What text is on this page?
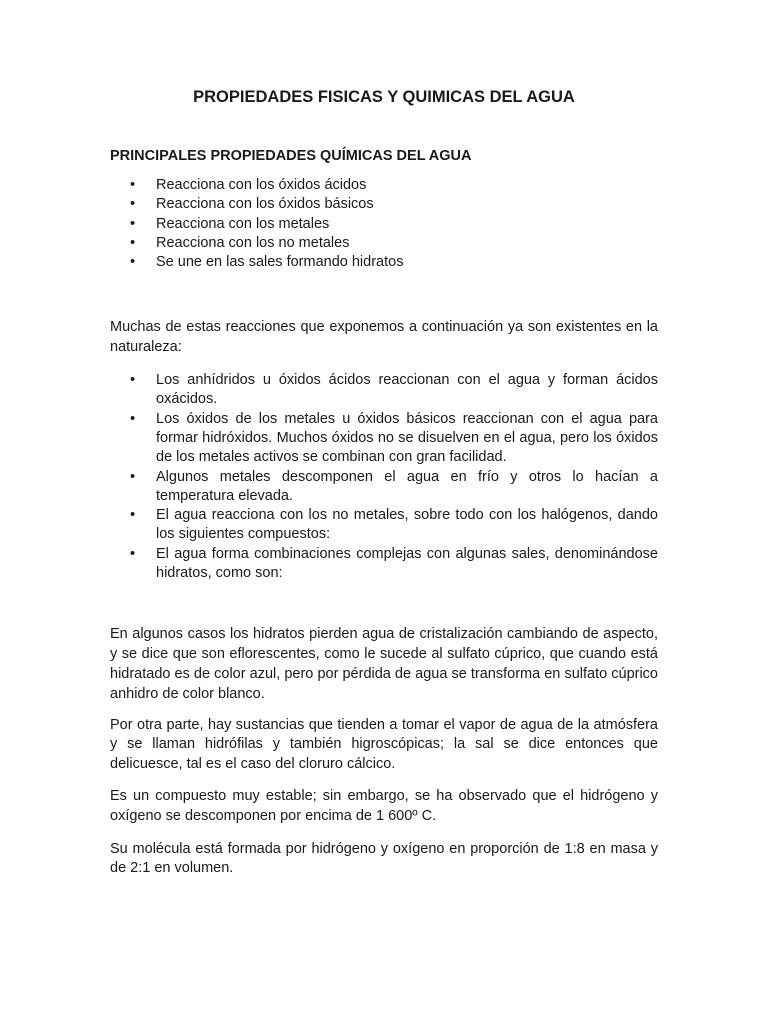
PROPIEDADES FISICAS Y QUIMICAS DEL AGUA
PRINCIPALES PROPIEDADES QUÍMICAS DEL AGUA
• Reacciona con los óxidos ácidos
• Reacciona con los óxidos básicos
• Reacciona con los metales
• Reacciona con los no metales
• Se une en las sales formando hidratos

Muchas de estas reacciones que exponemos a continuación ya son existentes en la naturaleza:

• Los anhídridos u óxidos ácidos reaccionan con el agua y forman ácidos oxácidos.
• Los óxidos de los metales u óxidos básicos reaccionan con el agua para formar hidróxidos. Muchos óxidos no se disuelven en el agua, pero los óxidos de los metales activos se combinan con gran facilidad.
• Algunos metales descomponen el agua en frío y otros lo hacían a temperatura elevada.
• El agua reacciona con los no metales, sobre todo con los halógenos, dando los siguientes compuestos:
• El agua forma combinaciones complejas con algunas sales, denominándose hidratos, como son:

En algunos casos los hidratos pierden agua de cristalización cambiando de aspecto, y se dice que son eflorescentes, como le sucede al sulfato cúprico, que cuando está hidratado es de color azul, pero por pérdida de agua se transforma en sulfato cúprico anhidro de color blanco.

Por otra parte, hay sustancias que tienden a tomar el vapor de agua de la atmósfera y se llaman hidrófilas y también higroscópicas; la sal se dice entonces que delicuesce, tal es el caso del cloruro cálcico.

Es un compuesto muy estable; sin embargo, se ha observado que el hidrógeno y oxígeno se descomponen por encima de 1 600º C.

Su molécula está formada por hidrógeno y oxígeno en proporción de 1:8 en masa y de 2:1 en volumen.
